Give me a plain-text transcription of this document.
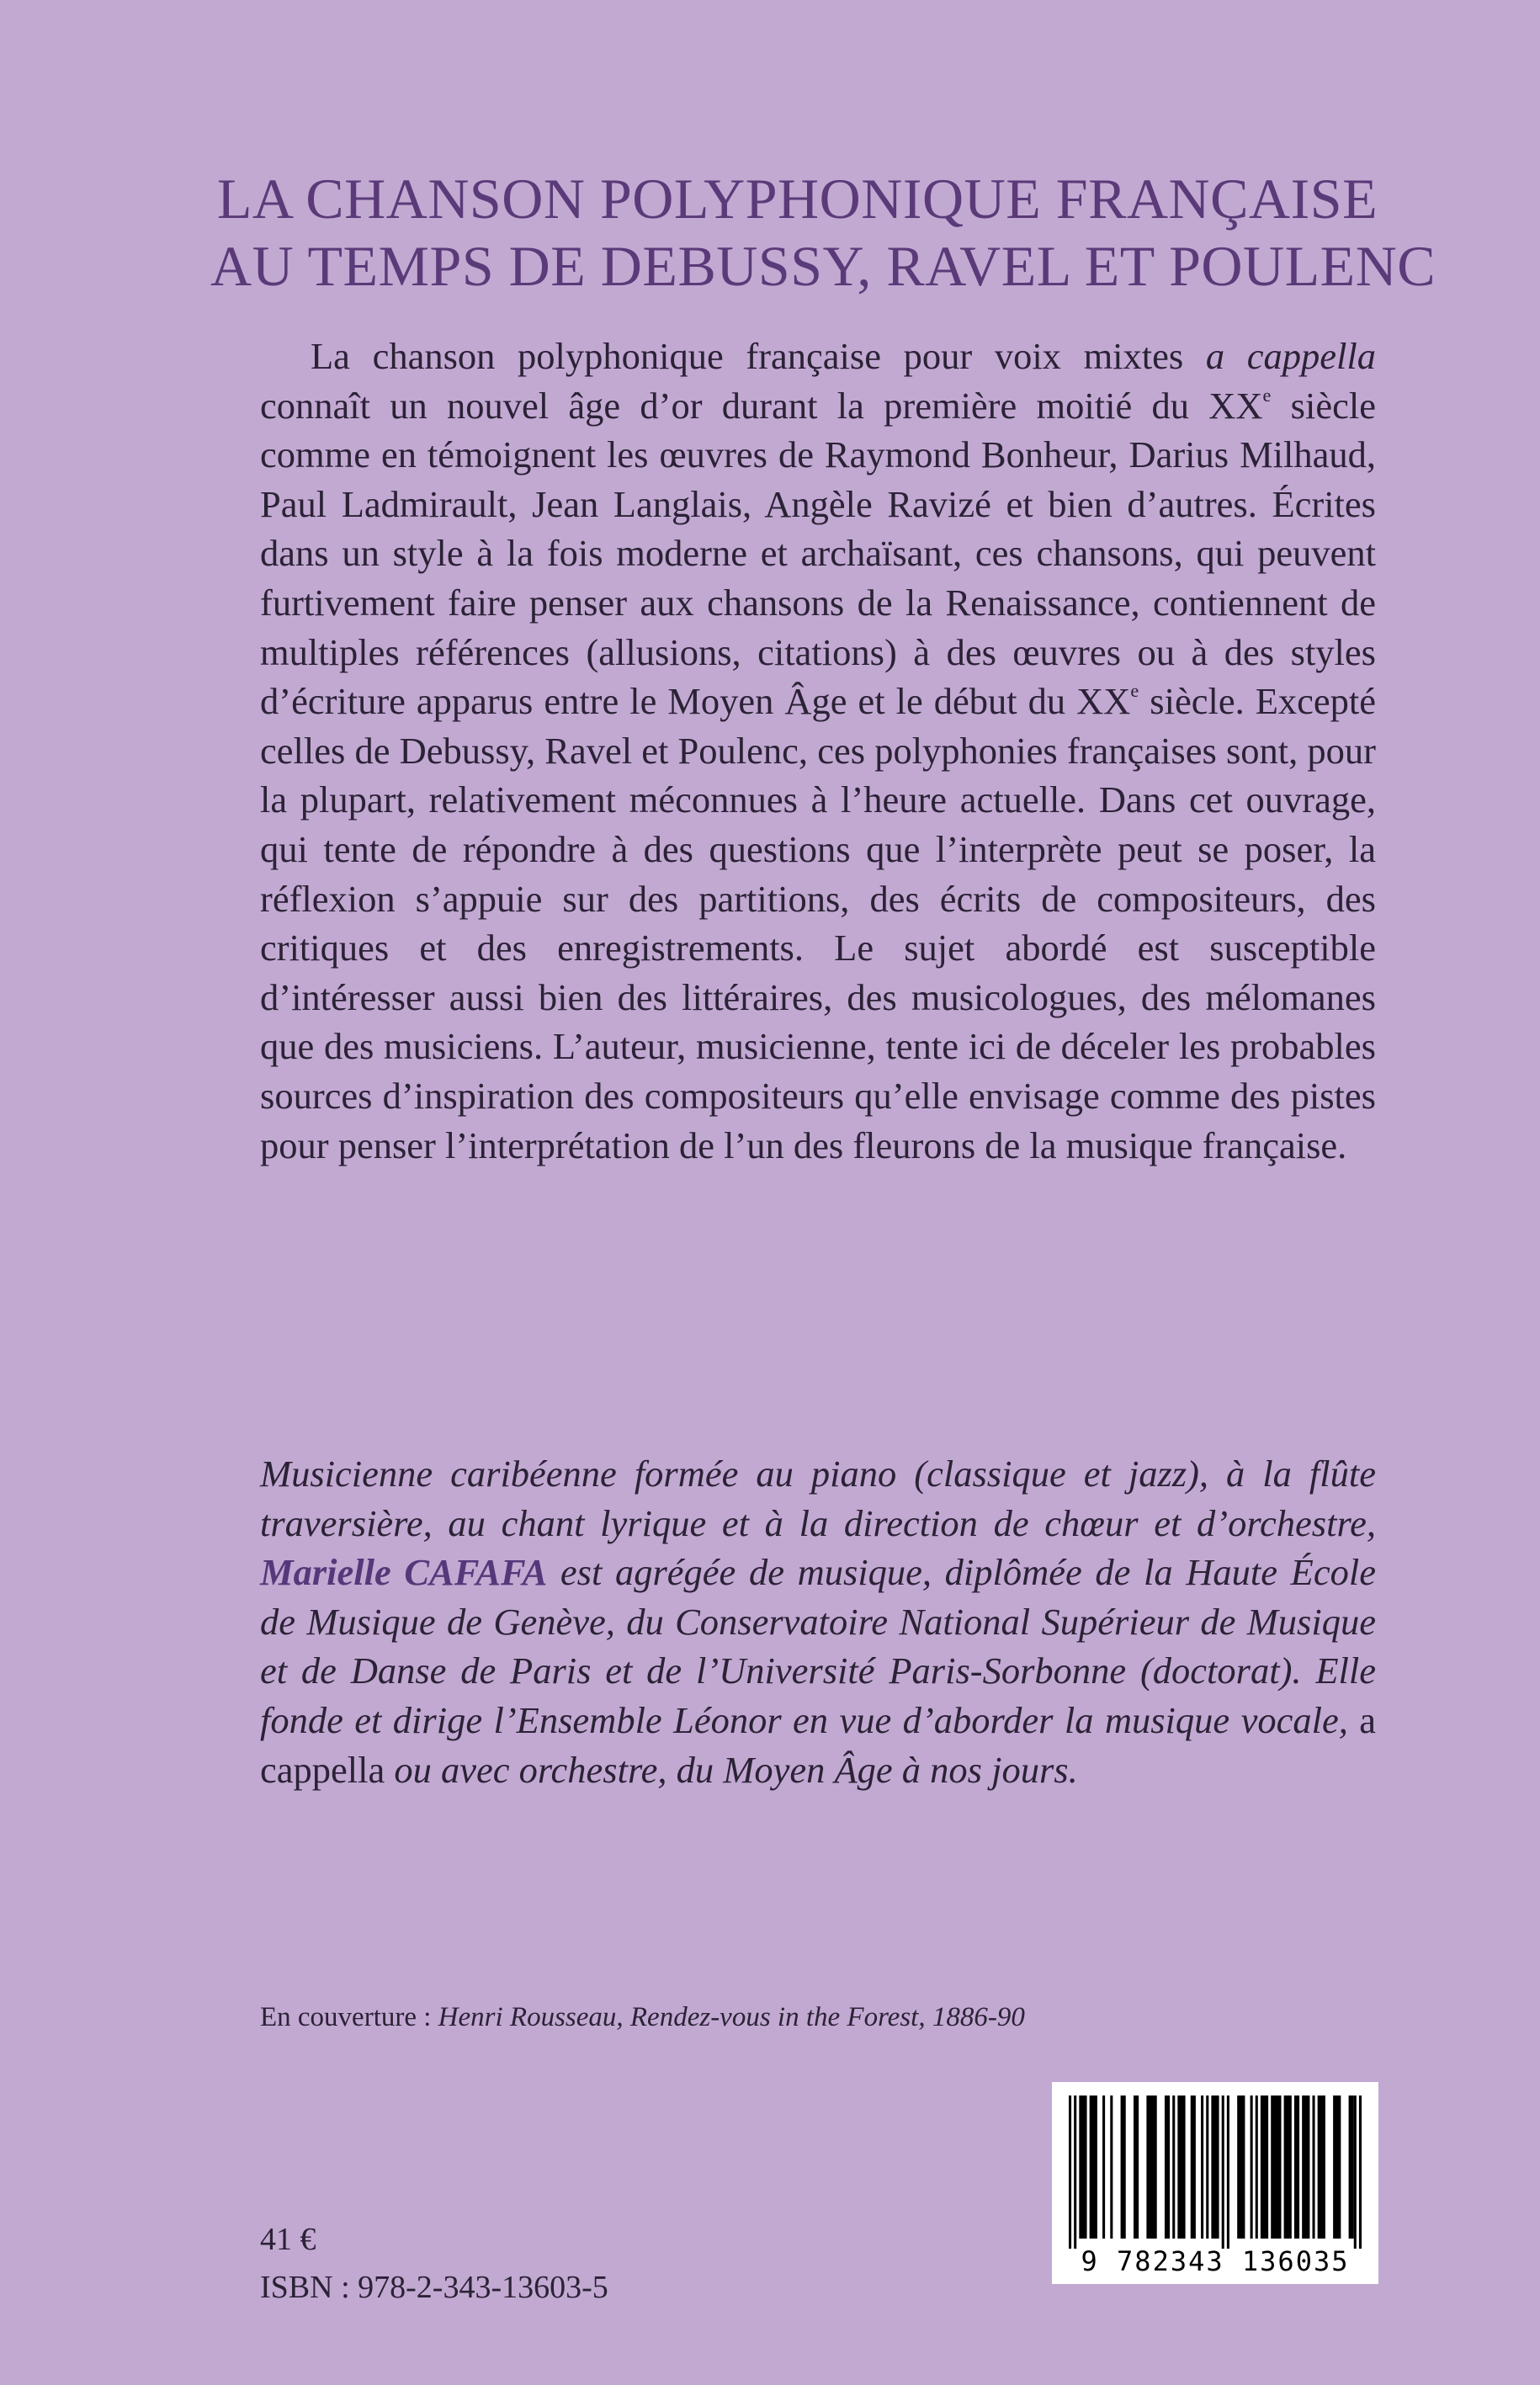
LA CHANSON POLYPHONIQUE FRANÇAISE
AU TEMPS DE DEBUSSY, RAVEL ET POULENC

La chanson polyphonique française pour voix mixtes a cappella connaît un nouvel âge d’or durant la première moitié du XXe siècle comme en témoignent les œuvres de Raymond Bonheur, Darius Milhaud, Paul Ladmirault, Jean Langlais, Angèle Ravizé et bien d’autres. Écrites dans un style à la fois moderne et archaïsant, ces chansons, qui peuvent furtivement faire penser aux chansons de la Renaissance, contiennent de multiples références (allusions, citations) à des œuvres ou à des styles d’écriture apparus entre le Moyen Âge et le début du XXe siècle. Excepté celles de Debussy, Ravel et Poulenc, ces polyphonies françaises sont, pour la plupart, relativement méconnues à l’heure actuelle. Dans cet ouvrage, qui tente de répondre à des questions que l’interprète peut se poser, la réflexion s’appuie sur des partitions, des écrits de compositeurs, des critiques et des enregistrements. Le sujet abordé est susceptible d’intéresser aussi bien des littéraires, des musicologues, des mélomanes que des musiciens. L’auteur, musicienne, tente ici de déceler les probables sources d’inspiration des compositeurs qu’elle envisage comme des pistes pour penser l’interprétation de l’un des fleurons de la musique française.

Musicienne caribéenne formée au piano (classique et jazz), à la flûte traversière, au chant lyrique et à la direction de chœur et d’orchestre, Marielle CAFAFA est agrégée de musique, diplômée de la Haute École de Musique de Genève, du Conservatoire National Supérieur de Musique et de Danse de Paris et de l’Université Paris-Sorbonne (doctorat). Elle fonde et dirige l’Ensemble Léonor en vue d’aborder la musique vocale, a cappella ou avec orchestre, du Moyen Âge à nos jours.

En couverture : Henri Rousseau, Rendez-vous in the Forest, 1886-90
9 782343 136035
41 €
ISBN : 978-2-343-13603-5
